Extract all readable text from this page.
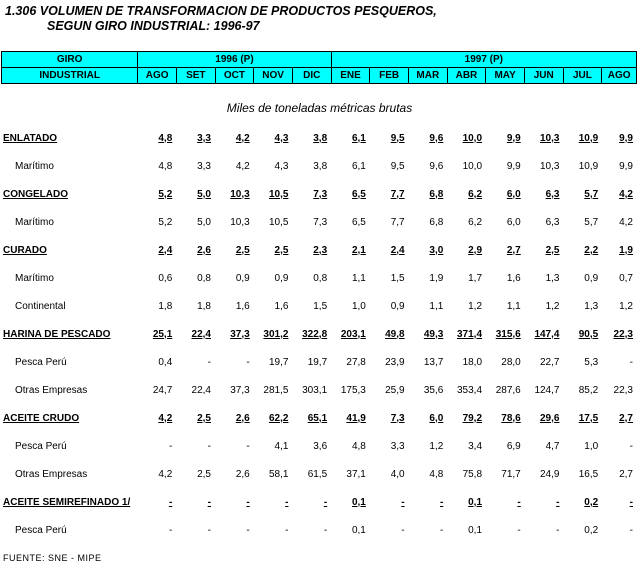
1.306 VOLUMEN DE TRANSFORMACION DE PRODUCTOS PESQUEROS,
SEGUN GIRO INDUSTRIAL: 1996-97
GIRO	1996 (P)					1997 (P)							
INDUSTRIAL	AGO	SET	OCT	NOV	DIC	ENE	FEB	MAR	ABR	MAY	JUN	JUL	AGO
Miles de toneladas métricas brutas
ENLATADO	4,8	3,3	4,2	4,3	3,8	6,1	9,5	9,6	10,0	9,9	10,3	10,9	9,9
Marítimo	4,8	3,3	4,2	4,3	3,8	6,1	9,5	9,6	10,0	9,9	10,3	10,9	9,9
CONGELADO	5,2	5,0	10,3	10,5	7,3	6,5	7,7	6,8	6,2	6,0	6,3	5,7	4,2
Marítimo	5,2	5,0	10,3	10,5	7,3	6,5	7,7	6,8	6,2	6,0	6,3	5,7	4,2
CURADO	2,4	2,6	2,5	2,5	2,3	2,1	2,4	3,0	2,9	2,7	2,5	2,2	1,9
Marítimo	0,6	0,8	0,9	0,9	0,8	1,1	1,5	1,9	1,7	1,6	1,3	0,9	0,7
Continental	1,8	1,8	1,6	1,6	1,5	1,0	0,9	1,1	1,2	1,1	1,2	1,3	1,2
HARINA DE PESCADO	25,1	22,4	37,3	301,2	322,8	203,1	49,8	49,3	371,4	315,6	147,4	90,5	22,3
Pesca Perú	0,4	-	-	19,7	19,7	27,8	23,9	13,7	18,0	28,0	22,7	5,3	-
Otras Empresas	24,7	22,4	37,3	281,5	303,1	175,3	25,9	35,6	353,4	287,6	124,7	85,2	22,3
ACEITE CRUDO	4,2	2,5	2,6	62,2	65,1	41,9	7,3	6,0	79,2	78,6	29,6	17,5	2,7
Pesca Perú	-	-	-	4,1	3,6	4,8	3,3	1,2	3,4	6,9	4,7	1,0	-
Otras Empresas	4,2	2,5	2,6	58,1	61,5	37,1	4,0	4,8	75,8	71,7	24,9	16,5	2,7
ACEITE SEMIREFINADO 1/	-	-	-	-	-	0,1	-	-	0,1	-	-	0,2	-
Pesca Perú	-	-	-	-	-	0,1	-	-	0,1	-	-	0,2	-
FUENTE: SNE - MIPE
